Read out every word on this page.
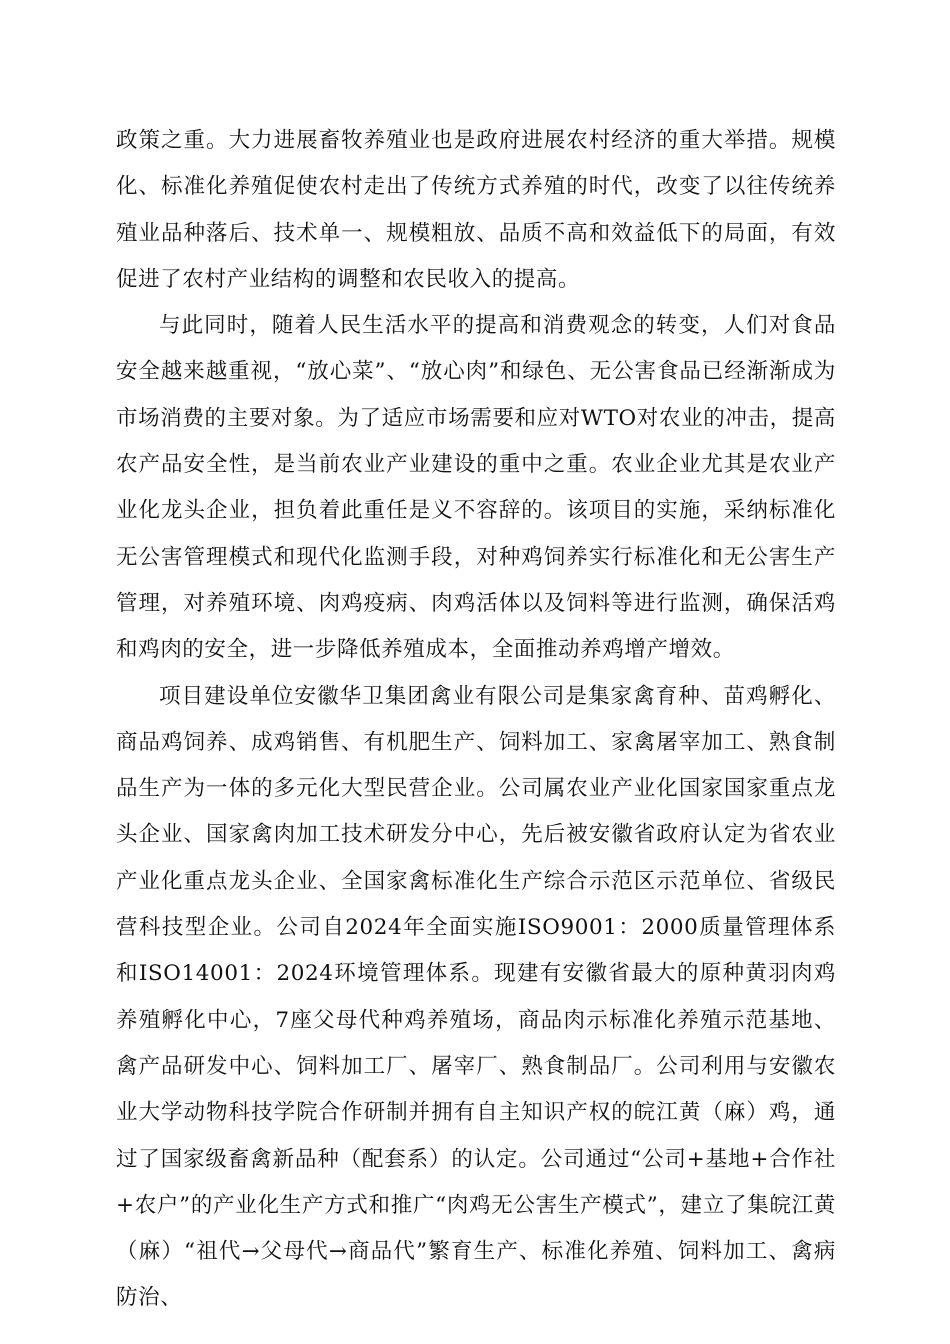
政策之重。大力进展畜牧养殖业也是政府进展农村经济的重大举措。规模化、标准化养殖促使农村走出了传统方式养殖的时代，改变了以往传统养殖业品种落后、技术单一、规模粗放、品质不高和效益低下的局面，有效促进了农村产业结构的调整和农民收入的提高。

与此同时，随着人民生活水平的提高和消费观念的转变，人们对食品安全越来越重视，“放心菜”、“放心肉”和绿色、无公害食品已经渐渐成为市场消费的主要对象。为了适应市场需要和应对WTO对农业的冲击，提高农产品安全性，是当前农业产业建设的重中之重。农业企业尤其是农业产业化龙头企业，担负着此重任是义不容辞的。该项目的实施，采纳标准化无公害管理模式和现代化监测手段，对种鸡饲养实行标准化和无公害生产管理，对养殖环境、肉鸡疫病、肉鸡活体以及饲料等进行监测，确保活鸡和鸡肉的安全，进一步降低养殖成本，全面推动养鸡增产增效。

项目建设单位安徽华卫集团禽业有限公司是集家禽育种、苗鸡孵化、商品鸡饲养、成鸡销售、有机肥生产、饲料加工、家禽屠宰加工、熟食制品生产为一体的多元化大型民营企业。公司属农业产业化国家国家重点龙头企业、国家禽肉加工技术研发分中心，先后被安徽省政府认定为省农业产业化重点龙头企业、全国家禽标准化生产综合示范区示范单位、省级民营科技型企业。公司自2024年全面实施ISO9001：2000质量管理体系和ISO14001：2024环境管理体系。现建有安徽省最大的原种黄羽肉鸡养殖孵化中心，7座父母代种鸡养殖场，商品肉示标准化养殖示范基地、禽产品研发中心、饲料加工厂、屠宰厂、熟食制品厂。公司利用与安徽农业大学动物科技学院合作研制并拥有自主知识产权的皖江黄（麻）鸡，通过了国家级畜禽新品种（配套系）的认定。公司通过“公司+基地+合作社+农户”的产业化生产方式和推广“肉鸡无公害生产模式”，建立了集皖江黄（麻）“祖代→父母代→商品代”繁育生产、标准化养殖、饲料加工、禽病防治、
